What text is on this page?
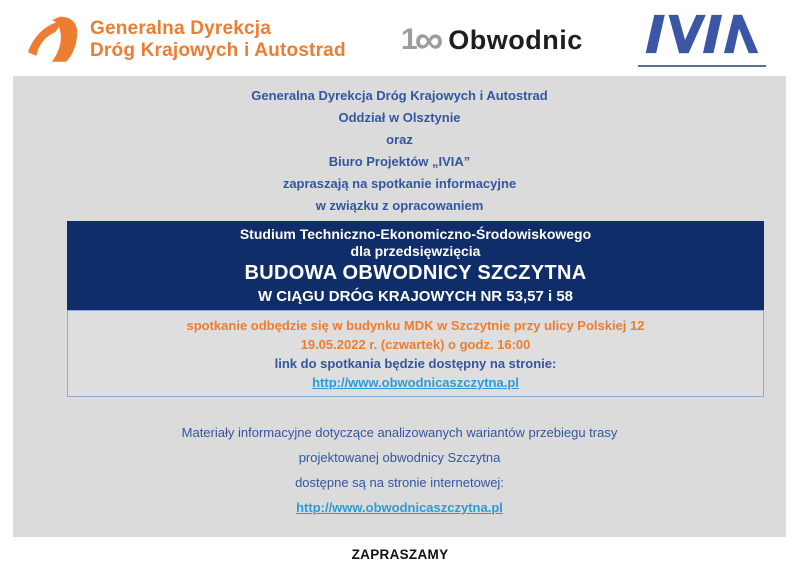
Generalna Dyrekcja
Dróg Krajowych i Autostrad 1
∞ Obwodnic
Generalna Dyrekcja Dróg Krajowych i Autostrad
Oddział w Olsztynie
oraz
Biuro Projektów „IVIA”
zapraszają na spotkanie informacyjne
w związku z opracowaniem
Studium Techniczno-Ekonomiczno-Środowiskowego
dla przedsięwzięcia
BUDOWA OBWODNICY SZCZYTNA
W CIĄGU DRÓG KRAJOWYCH NR 53,57 i 58
spotkanie odbędzie się w budynku MDK w Szczytnie przy ulicy Polskiej 12
19.05.2022 r. (czwartek) o godz. 16:00
link do spotkania będzie dostępny na stronie:
http://www.obwodnicaszczytna.pl
Materiały informacyjne dotyczące analizowanych wariantów przebiegu trasy
projektowanej obwodnicy Szczytna
dostępne są na stronie internetowej:
http://www.obwodnicaszczytna.pl
ZAPRASZAMY
